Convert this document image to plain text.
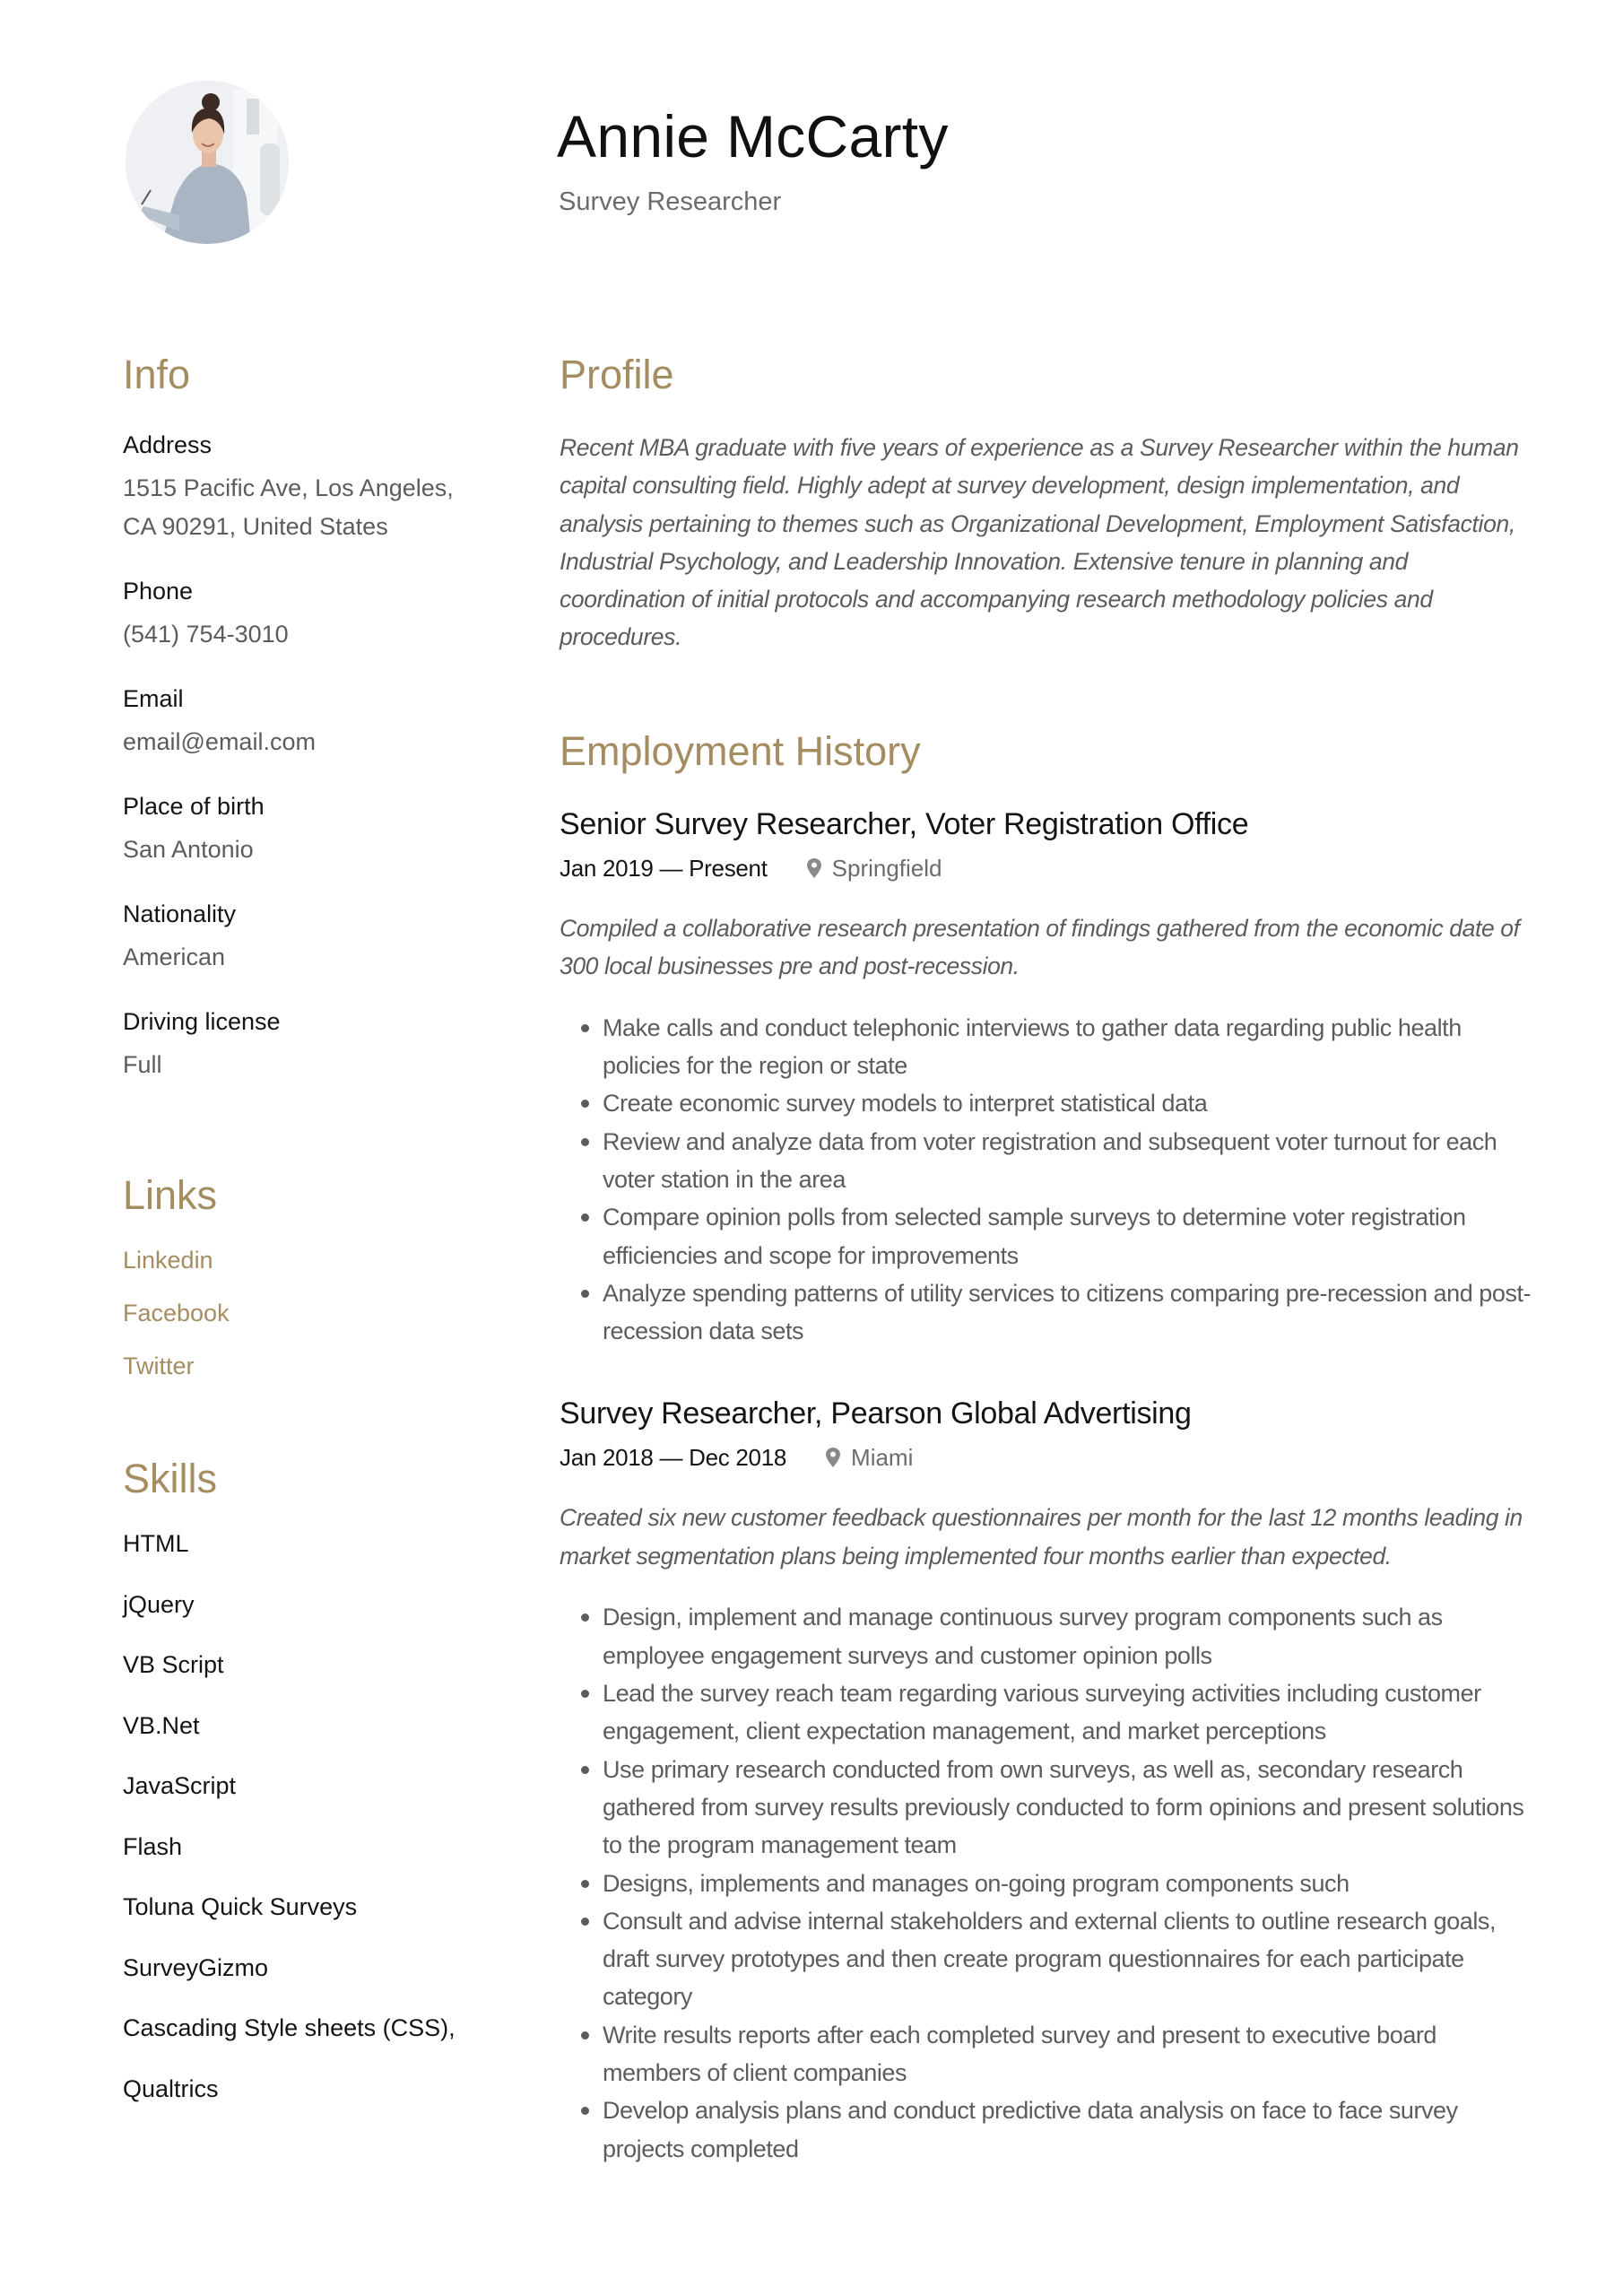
Annie McCarty
Survey Researcher
Info
Address
1515 Pacific Ave, Los Angeles,
CA 90291, United States
Phone
(541) 754-3010
Email
email@email.com
Place of birth
San Antonio
Nationality
American
Driving license
Full
Links
Linkedin
Facebook
Twitter
Skills
HTML
jQuery
VB Script
VB.Net
JavaScript
Flash
Toluna Quick Surveys
SurveyGizmo
Cascading Style sheets (CSS),
Qualtrics
Profile

Recent MBA graduate with five years of experience as a Survey Researcher within the human capital consulting field. Highly adept at survey development, design implementation, and analysis pertaining to themes such as Organizational Development, Employment Satisfaction, Industrial Psychology, and Leadership Innovation. Extensive tenure in planning and coordination of initial protocols and accompanying research methodology policies and procedures.

Employment History
Senior Survey Researcher, Voter Registration Office
Jan 2019 — Present	Springfield

Compiled a collaborative research presentation of findings gathered from the economic date of 300 local businesses pre and post-recession.

Make calls and conduct telephonic interviews to gather data regarding public health policies for the region or state
Create economic survey models to interpret statistical data
Review and analyze data from voter registration and subsequent voter turnout for each voter station in the area
Compare opinion polls from selected sample surveys to determine voter registration efficiencies and scope for improvements
Analyze spending patterns of utility services to citizens comparing pre-recession and post-recession data sets
Survey Researcher, Pearson Global Advertising
Jan 2018 — Dec 2018	Miami

Created six new customer feedback questionnaires per month for the last 12 months leading in market segmentation plans being implemented four months earlier than expected.

Design, implement and manage continuous survey program components such as employee engagement surveys and customer opinion polls
Lead the survey reach team regarding various surveying activities including customer engagement, client expectation management, and market perceptions
Use primary research conducted from own surveys, as well as, secondary research gathered from survey results previously conducted to form opinions and present solutions to the program management team
Designs, implements and manages on-going program components such
Consult and advise internal stakeholders and external clients to outline research goals, draft survey prototypes and then create program questionnaires for each participate category
Write results reports after each completed survey and present to executive board members of client companies
Develop analysis plans and conduct predictive data analysis on face to face survey projects completed
